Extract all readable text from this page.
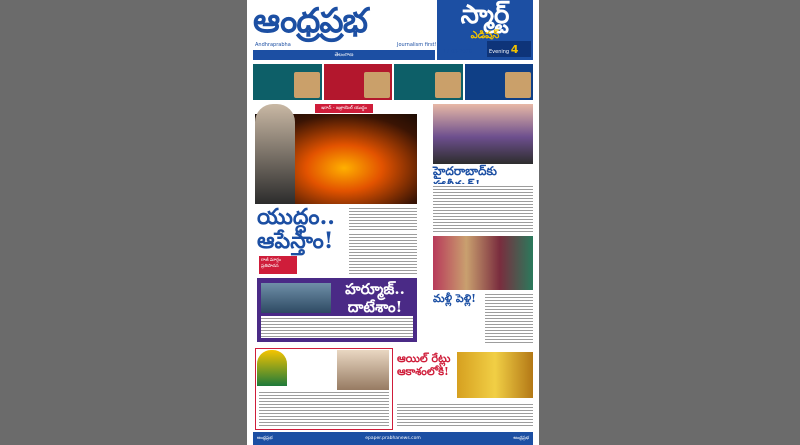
ఆంధ్రప్రభ
Andhraprabha	Journalism first!
స్మార్ట్
ఎడిషన్
Evening 4
తెలంగాణ	17-03-2026
ఇరాన్ - ఇజ్రాయెల్ యుద్ధం
యుద్ధం.. ఆపేస్తాం!
రాజీ మార్గం ప్రతిపాదన
హర్మూజ్.. దాటేశాం!
హైదరాబాద్‌కు
మళ్లీ పెళ్లి!
ఆయిల్ రేట్లు ఆకాశంలోకి!
ఆంధ్రప్రభ	epaper.prabhanews.com	ఆంధ్రప్రభ
